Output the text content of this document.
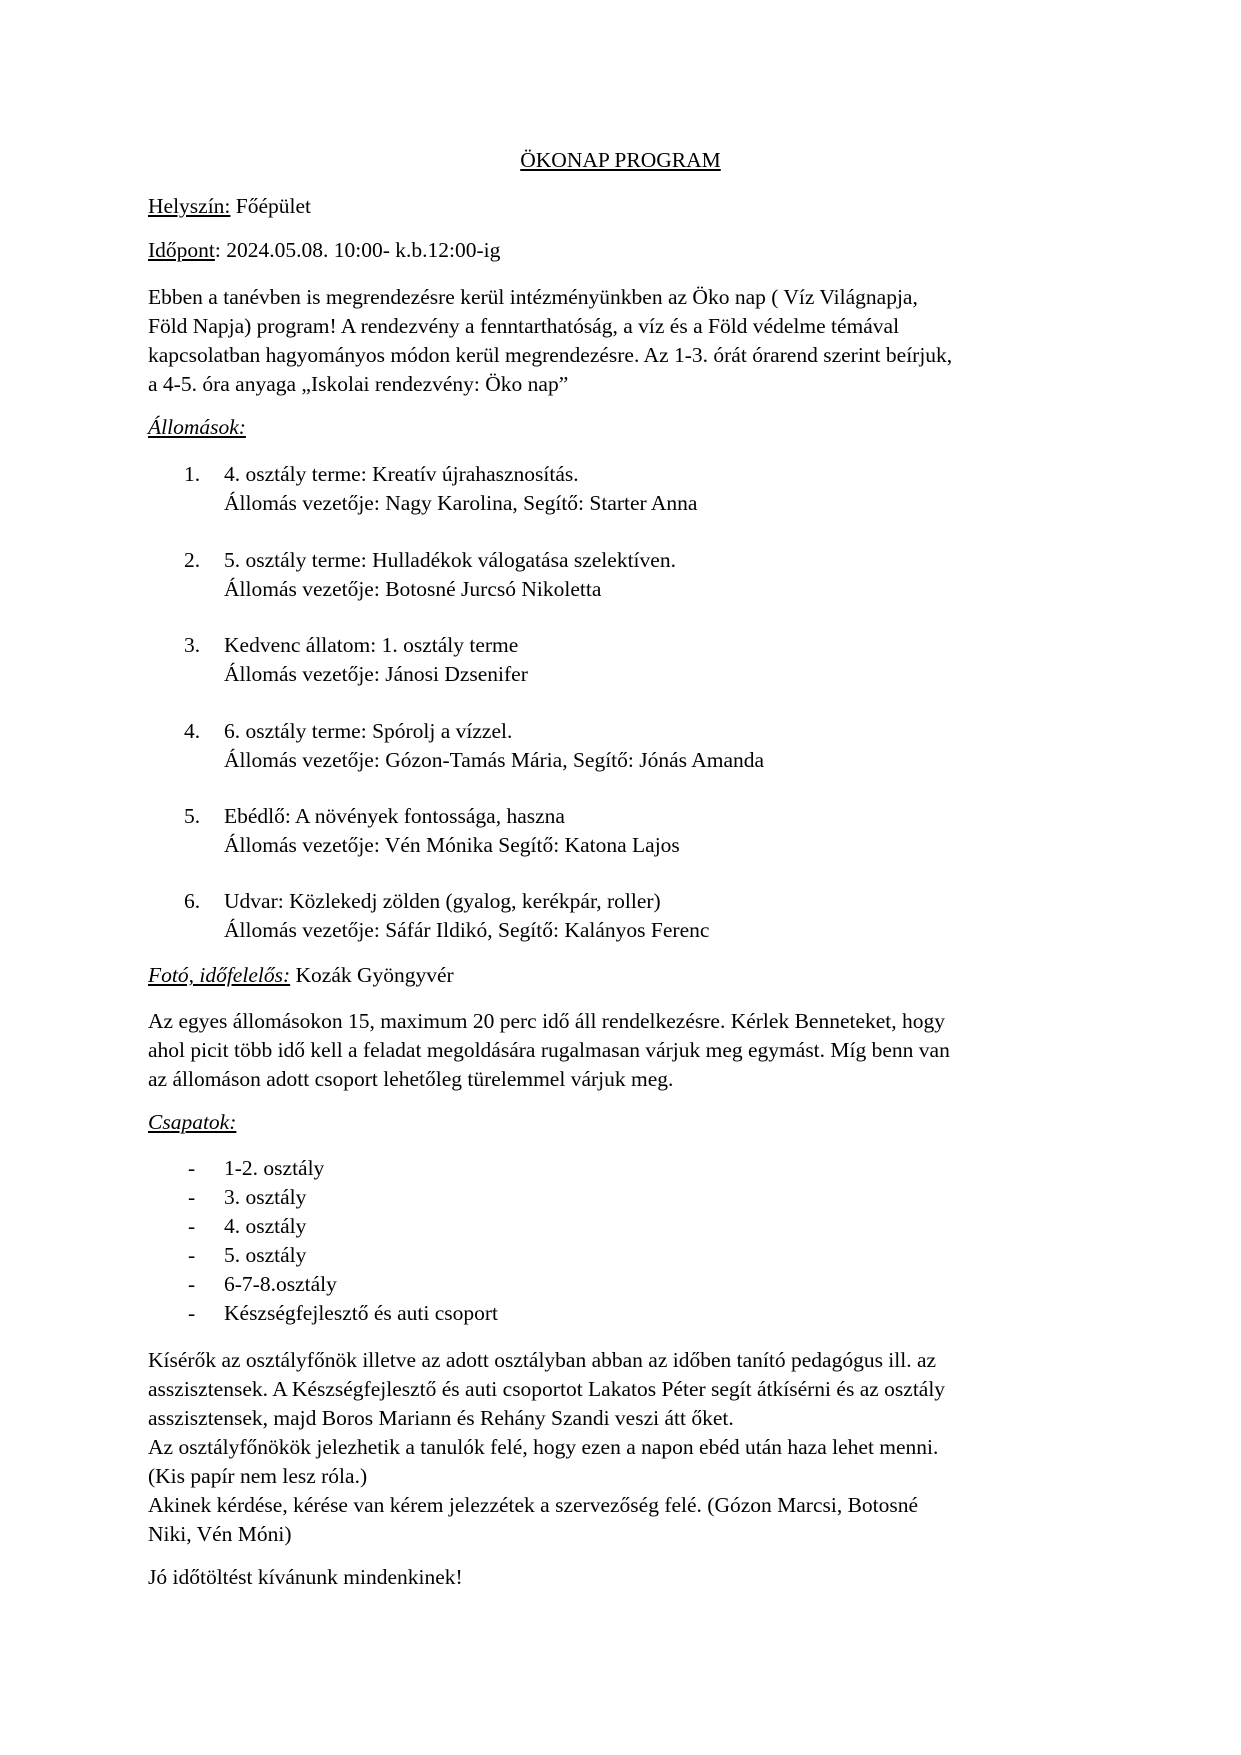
ÖKONAP PROGRAM

Helyszín: Főépület

Időpont: 2024.05.08. 10:00- k.b.12:00-ig

Ebben a tanévben is megrendezésre kerül intézményünkben az Öko nap ( Víz Világnapja,
Föld Napja) program! A rendezvény a fenntarthatóság, a víz és a Föld védelme témával
kapcsolatban hagyományos módon kerül megrendezésre. Az 1-3. órát órarend szerint beírjuk,
a 4-5. óra anyaga „Iskolai rendezvény: Öko nap”

Állomások:

1.	4. osztály terme: Kreatív újrahasznosítás.
Állomás vezetője: Nagy Karolina, Segítő: Starter Anna
2.	5. osztály terme: Hulladékok válogatása szelektíven.
Állomás vezetője: Botosné Jurcsó Nikoletta
3.	Kedvenc állatom: 1. osztály terme
Állomás vezetője: Jánosi Dzsenifer
4.	6. osztály terme: Spórolj a vízzel.
Állomás vezetője: Gózon-Tamás Mária, Segítő: Jónás Amanda
5.	Ebédlő: A növények fontossága, haszna
Állomás vezetője: Vén Mónika Segítő: Katona Lajos
6.	Udvar: Közlekedj zölden (gyalog, kerékpár, roller)
Állomás vezetője: Sáfár Ildikó, Segítő: Kalányos Ferenc

Fotó, időfelelős: Kozák Gyöngyvér

Az egyes állomásokon 15, maximum 20 perc idő áll rendelkezésre. Kérlek Benneteket, hogy
ahol picit több idő kell a feladat megoldására rugalmasan várjuk meg egymást. Míg benn van
az állomáson adott csoport lehetőleg türelemmel várjuk meg.

Csapatok:

- 1-2. osztály
- 3. osztály
- 4. osztály
- 5. osztály
- 6-7-8.osztály
- Készségfejlesztő és auti csoport
Kísérők az osztályfőnök illetve az adott osztályban abban az időben tanító pedagógus ill. az
asszisztensek. A Készségfejlesztő és auti csoportot Lakatos Péter segít átkísérni és az osztály
asszisztensek, majd Boros Mariann és Rehány Szandi veszi átt őket.
Az osztályfőnökök jelezhetik a tanulók felé, hogy ezen a napon ebéd után haza lehet menni.
(Kis papír nem lesz róla.)
Akinek kérdése, kérése van kérem jelezzétek a szervezőség felé. (Gózon Marcsi, Botosné
Niki, Vén Móni)

Jó időtöltést kívánunk mindenkinek!
